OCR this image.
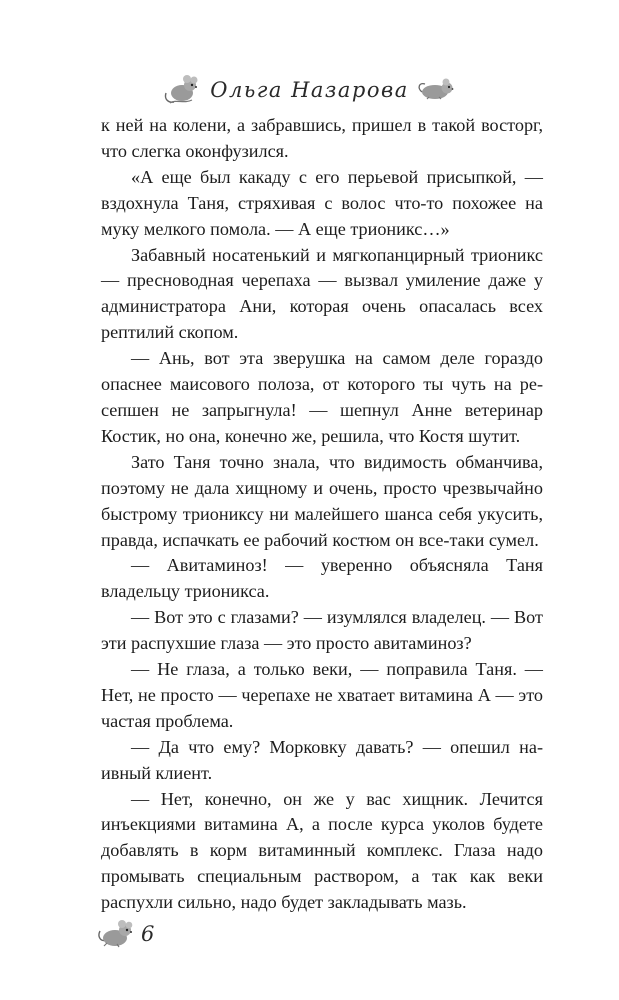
Ольга Назарова

к ней на колени, а забравшись, пришел в такой восторг, что слегка оконфузился.

«А еще был какаду с его перьевой присыпкой, — вздохнула Таня, стряхивая с волос что-то похожее на муку мелкого помола. — А еще трионикс…»

Забавный носатенький и мягкопанцирный трионикс — пресноводная черепаха — вызвал умиление даже у администратора Ани, которая очень опасалась всех рептилий скопом.

— Ань, вот эта зверушка на самом деле гораздо опаснее маисового полоза, от которого ты чуть на ресепшен не запрыгнула! — шепнул Анне ветеринар Костик, но она, конечно же, решила, что Костя шутит.

Зато Таня точно знала, что видимость обманчива, поэтому не дала хищному и очень, просто чрезвычайно быстрому триониксу ни малейшего шанса себя укусить, правда, испачкать ее рабочий костюм он все-таки сумел.

— Авитаминоз! — уверенно объясняла Таня владельцу трионикса.

— Вот это с глазами? — изумлялся владелец. — Вот эти распухшие глаза — это просто авитаминоз?

— Не глаза, а только веки, — поправила Таня. — Нет, не просто — черепахе не хватает витамина А — это частая проблема.

— Да что ему? Морковку давать? — опешил наивный клиент.

— Нет, конечно, он же у вас хищник. Лечится инъекциями витамина А, а после курса уколов будете добавлять в корм витаминный комплекс. Глаза надо промывать специальным раствором, а так как веки распухли сильно, надо будет закладывать мазь.

6
